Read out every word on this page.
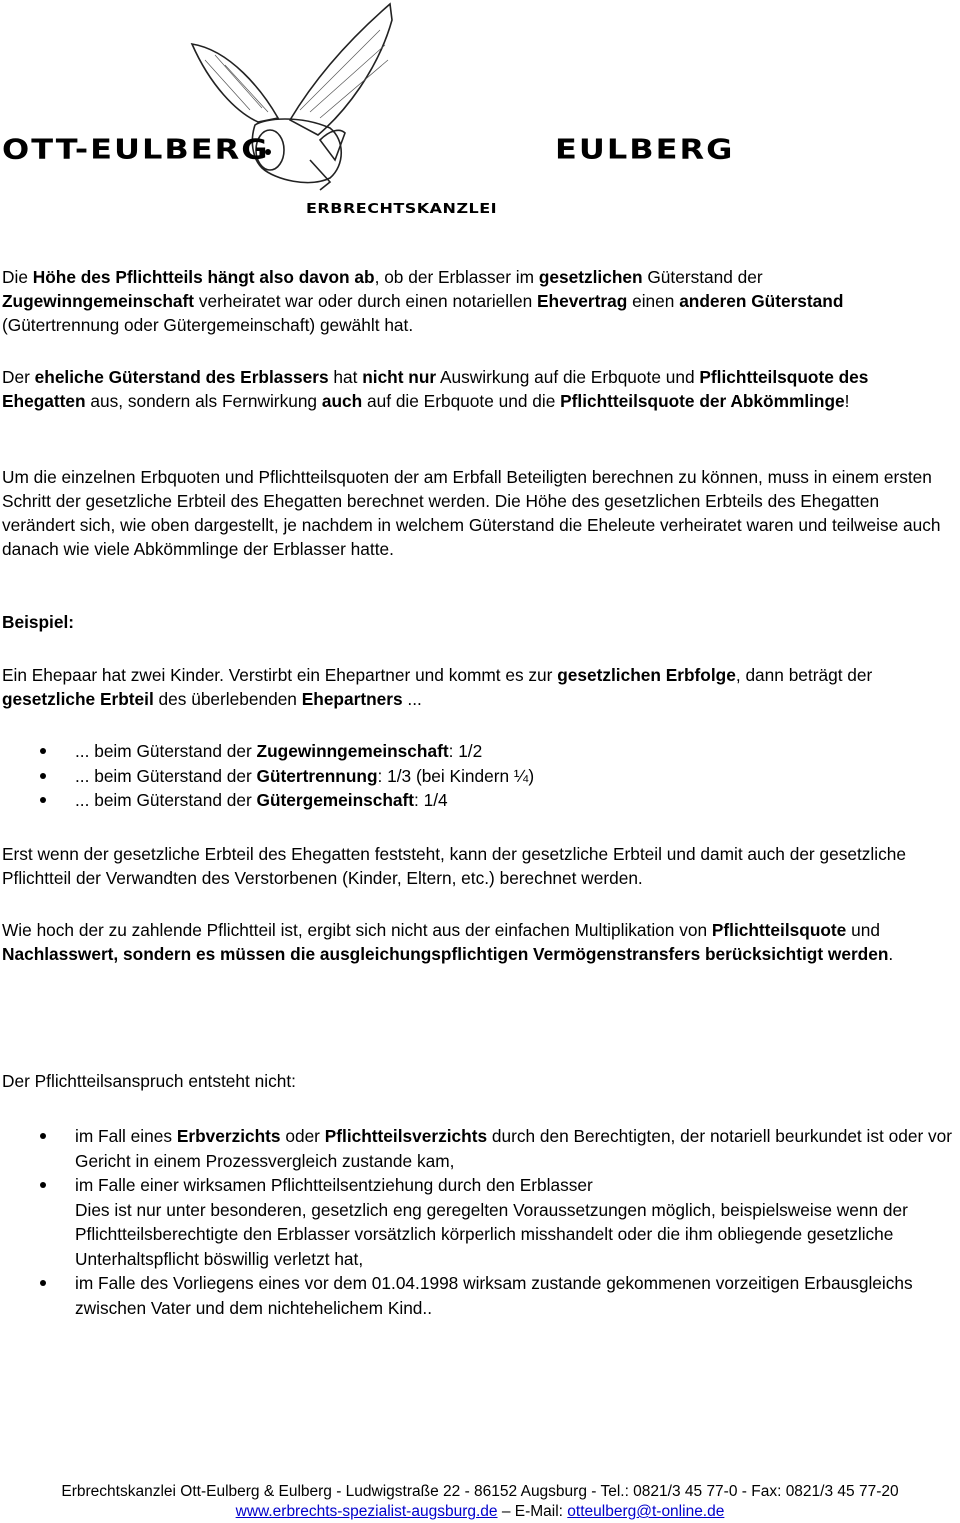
OTT-EULBERG	EULBERG
ERBRECHTSKANZLEI
Die Höhe des Pflichtteils hängt also davon ab, ob der Erblasser im gesetzlichen Güterstand der Zugewinngemeinschaft verheiratet war oder durch einen notariellen Ehevertrag einen anderen Güterstand (Gütertrennung oder Gütergemeinschaft) gewählt hat.
Der eheliche Güterstand des Erblassers hat nicht nur Auswirkung auf die Erbquote und Pflichtteilsquote des Ehegatten aus, sondern als Fernwirkung auch auf die Erbquote und die Pflichtteilsquote der Abkömmlinge!
Um die einzelnen Erbquoten und Pflichtteilsquoten der am Erbfall Beteiligten berechnen zu können, muss in einem ersten Schritt der gesetzliche Erbteil des Ehegatten berechnet werden. Die Höhe des gesetzlichen Erbteils des Ehegatten verändert sich, wie oben dargestellt, je nachdem in welchem Güterstand die Eheleute verheiratet waren und teilweise auch danach wie viele Abkömmlinge der Erblasser hatte.
Beispiel:
Ein Ehepaar hat zwei Kinder. Verstirbt ein Ehepartner und kommt es zur gesetzlichen Erbfolge, dann beträgt der gesetzliche Erbteil des überlebenden Ehepartners ...
... beim Güterstand der Zugewinngemeinschaft: 1/2
... beim Güterstand der Gütertrennung: 1/3 (bei Kindern ¼)
... beim Güterstand der Gütergemeinschaft: 1/4
Erst wenn der gesetzliche Erbteil des Ehegatten feststeht, kann der gesetzliche Erbteil und damit auch der gesetzliche Pflichtteil der Verwandten des Verstorbenen (Kinder, Eltern, etc.) berechnet werden.
Wie hoch der zu zahlende Pflichtteil ist, ergibt sich nicht aus der einfachen Multiplikation von Pflichtteilsquote und Nachlasswert, sondern es müssen die ausgleichungspflichtigen Vermögenstransfers berücksichtigt werden.
Der Pflichtteilsanspruch entsteht nicht:
im Fall eines Erbverzichts oder Pflichtteilsverzichts durch den Berechtigten, der notariell beurkundet ist oder vor Gericht in einem Prozessvergleich zustande kam,
im Falle einer wirksamen Pflichtteilsentziehung durch den Erblasser
Dies ist nur unter besonderen, gesetzlich eng geregelten Voraussetzungen möglich, beispielsweise wenn der Pflichtteilsberechtigte den Erblasser vorsätzlich körperlich misshandelt oder die ihm obliegende gesetzliche Unterhaltspflicht böswillig verletzt hat,
im Falle des Vorliegens eines vor dem 01.04.1998 wirksam zustande gekommenen vorzeitigen Erbausgleichs zwischen Vater und dem nichtehelichem Kind..
Erbrechtskanzlei Ott-Eulberg & Eulberg - Ludwigstraße 22 - 86152 Augsburg - Tel.: 0821/3 45 77-0 - Fax: 0821/3 45 77-20
www.erbrechts-spezialist-augsburg.de – E-Mail: otteulberg@t-online.de
